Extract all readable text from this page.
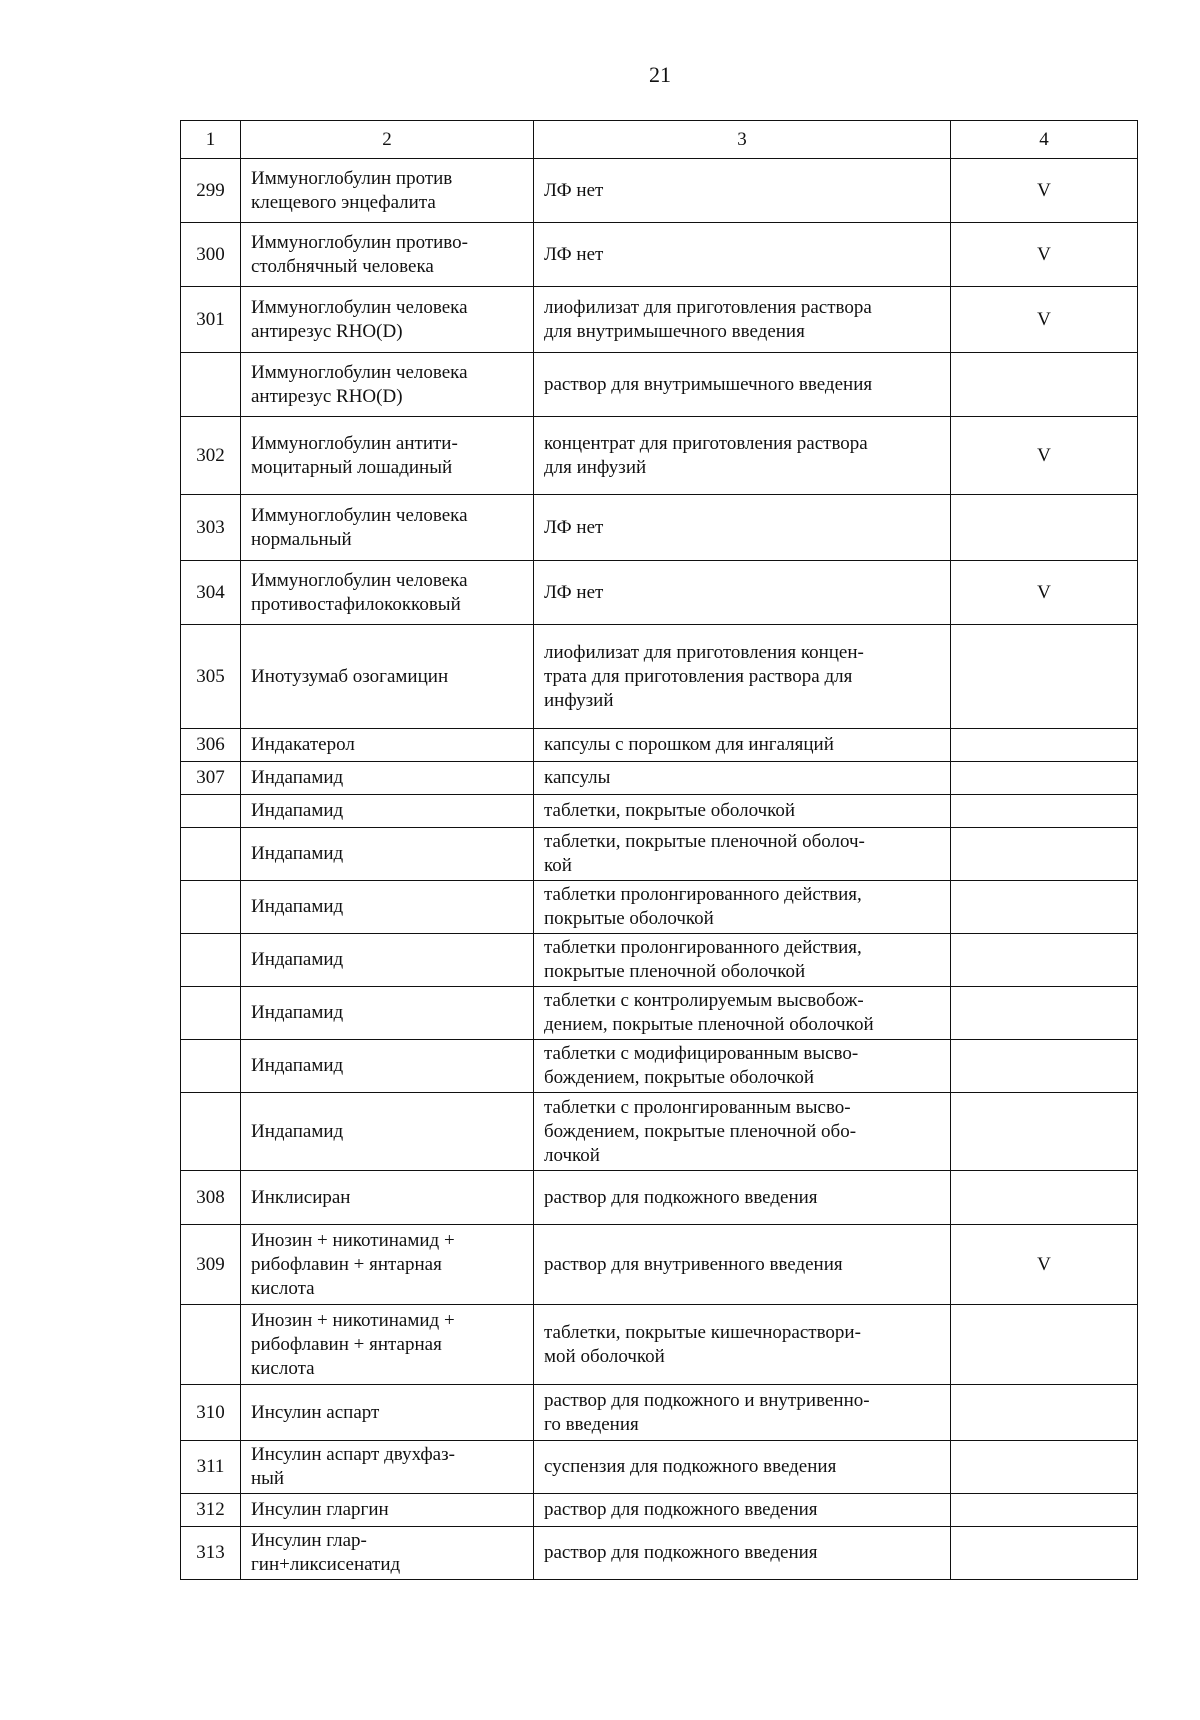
21
1	2	3	4
299	Иммуноглобулин против
клещевого энцефалита	ЛФ нет	V
300	Иммуноглобулин противо-
столбнячный человека	ЛФ нет	V
301	Иммуноглобулин человека
антирезус RHO(D)	лиофилизат для приготовления раствора
для внутримышечного введения	V
	Иммуноглобулин человека
антирезус RHO(D)	раствор для внутримышечного введения	
302	Иммуноглобулин антити-
моцитарный лошадиный	концентрат для приготовления раствора
для инфузий	V
303	Иммуноглобулин человека
нормальный	ЛФ нет	
304	Иммуноглобулин человека
противостафилококковый	ЛФ нет	V
305	Инотузумаб озогамицин	лиофилизат для приготовления концен-
трата для приготовления раствора для
инфузий	
306	Индакатерол	капсулы с порошком для ингаляций	
307	Индапамид	капсулы	
	Индапамид	таблетки, покрытые оболочкой	
	Индапамид	таблетки, покрытые пленочной оболоч-
кой	
	Индапамид	таблетки пролонгированного действия,
покрытые оболочкой	
	Индапамид	таблетки пролонгированного действия,
покрытые пленочной оболочкой	
	Индапамид	таблетки с контролируемым высвобож-
дением, покрытые пленочной оболочкой	
	Индапамид	таблетки с модифицированным высво-
бождением, покрытые оболочкой	
	Индапамид	таблетки с пролонгированным высво-
бождением, покрытые пленочной обо-
лочкой	
308	Инклисиран	раствор для подкожного введения	
309	Инозин + никотинамид +
рибофлавин + янтарная
кислота	раствор для внутривенного введения	V
	Инозин + никотинамид +
рибофлавин + янтарная
кислота	таблетки, покрытые кишечнораствори-
мой оболочкой	
310	Инсулин аспарт	раствор для подкожного и внутривенно-
го введения	
311	Инсулин аспарт двухфаз-
ный	суспензия для подкожного введения	
312	Инсулин гларгин	раствор для подкожного введения	
313	Инсулин глар-
гин+ликсисенатид	раствор для подкожного введения	
